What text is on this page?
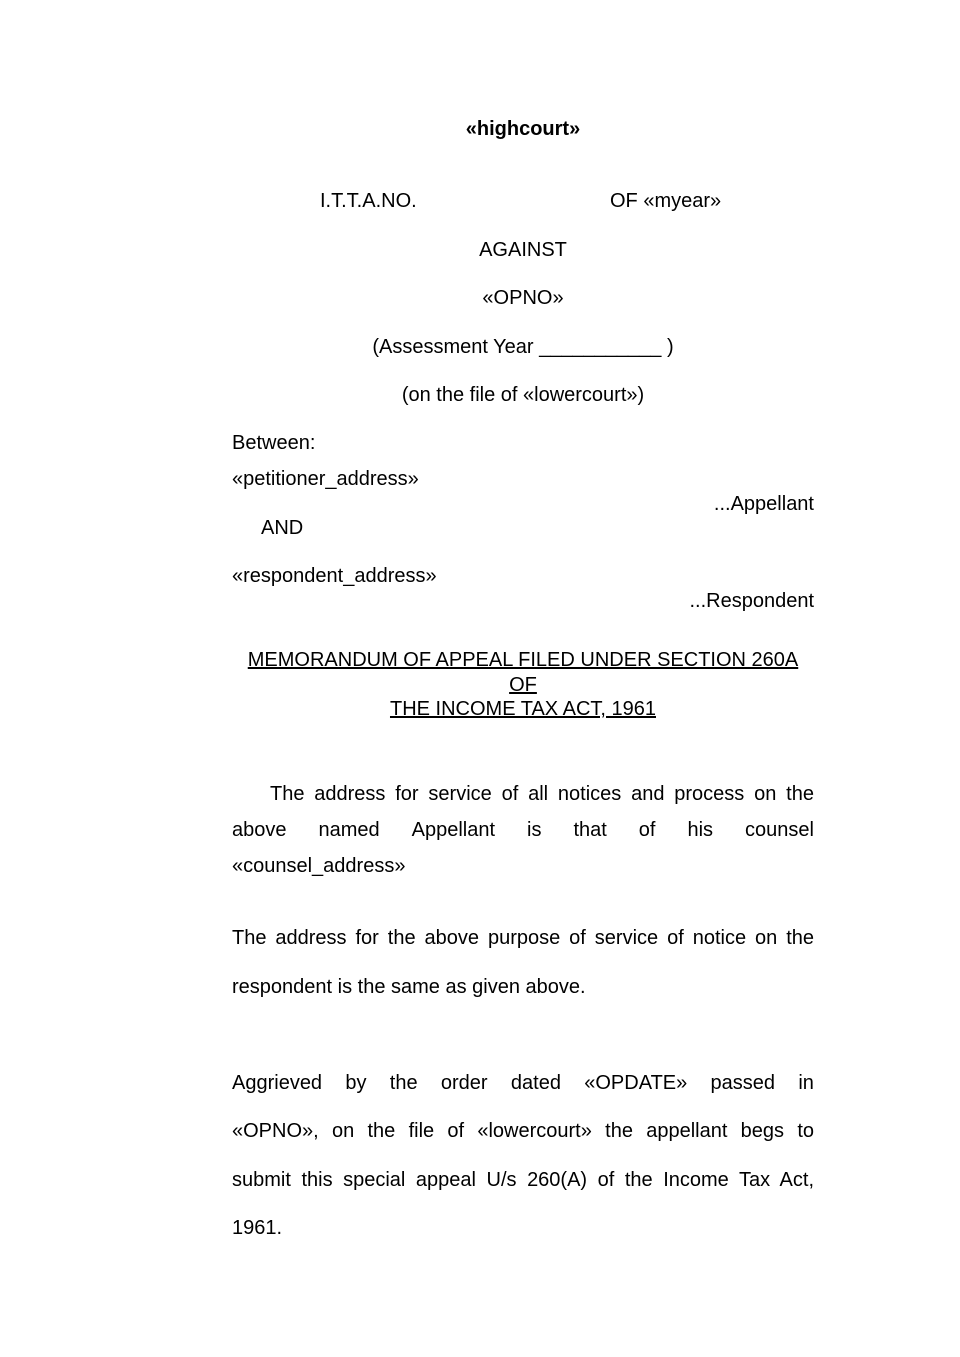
«highcourt»
I.T.T.A.NO.	OF «myear»
AGAINST
«OPNO»
(Assessment Year ___________ )
(on the file of «lowercourt»)
Between:
«petitioner_address»
...Appellant
AND
«respondent_address»
...Respondent
MEMORANDUM OF APPEAL FILED UNDER SECTION 260A
OF
THE INCOME TAX ACT, 1961
The address for service of all notices and process on the
above named Appellant is that of his counsel
«counsel_address»
The address for the above purpose of service of notice on the
respondent is the same as given above.
Aggrieved by the order dated «OPDATE» passed in
«OPNO», on the file of «lowercourt» the appellant begs to
submit this special appeal U/s 260(A) of the Income Tax Act,
1961.
